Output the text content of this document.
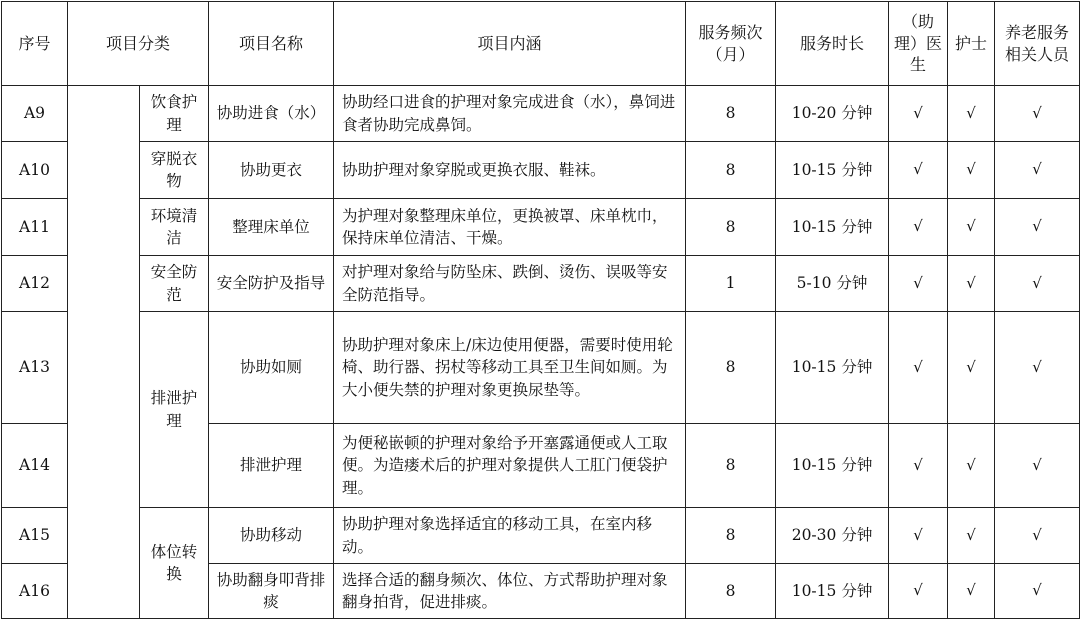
序号	项目分类		项目名称	项目内涵	服务频次（月）	服务时长	（助理）医生	护士	养老服务相关人员
A9		饮食护理	协助进食（水）	协助经口进食的护理对象完成进食（水），鼻饲进食者协助完成鼻饲。	8	10-20 分钟	√	√	√
A10		穿脱衣物	协助更衣	协助护理对象穿脱或更换衣服、鞋袜。	8	10-15 分钟	√	√	√
A11		环境清洁	整理床单位	为护理对象整理床单位，更换被罩、床单枕巾，保持床单位清洁、干燥。	8	10-15 分钟	√	√	√
A12		安全防范	安全防护及指导	对护理对象给与防坠床、跌倒、烫伤、误吸等安全防范指导。	1	5-10 分钟	√	√	√
A13		排泄护理	协助如厕	协助护理对象床上/床边使用便器，需要时使用轮椅、助行器、拐杖等移动工具至卫生间如厕。为大小便失禁的护理对象更换尿垫等。	8	10-15 分钟	√	√	√
A14			排泄护理	为便秘嵌顿的护理对象给予开塞露通便或人工取便。为造瘘术后的护理对象提供人工肛门便袋护理。	8	10-15 分钟	√	√	√
A15		体位转换	协助移动	协助护理对象选择适宜的移动工具，在室内移动。	8	20-30 分钟	√	√	√
A16			协助翻身叩背排痰	选择合适的翻身频次、体位、方式帮助护理对象翻身拍背，促进排痰。	8	10-15 分钟	√	√	√
